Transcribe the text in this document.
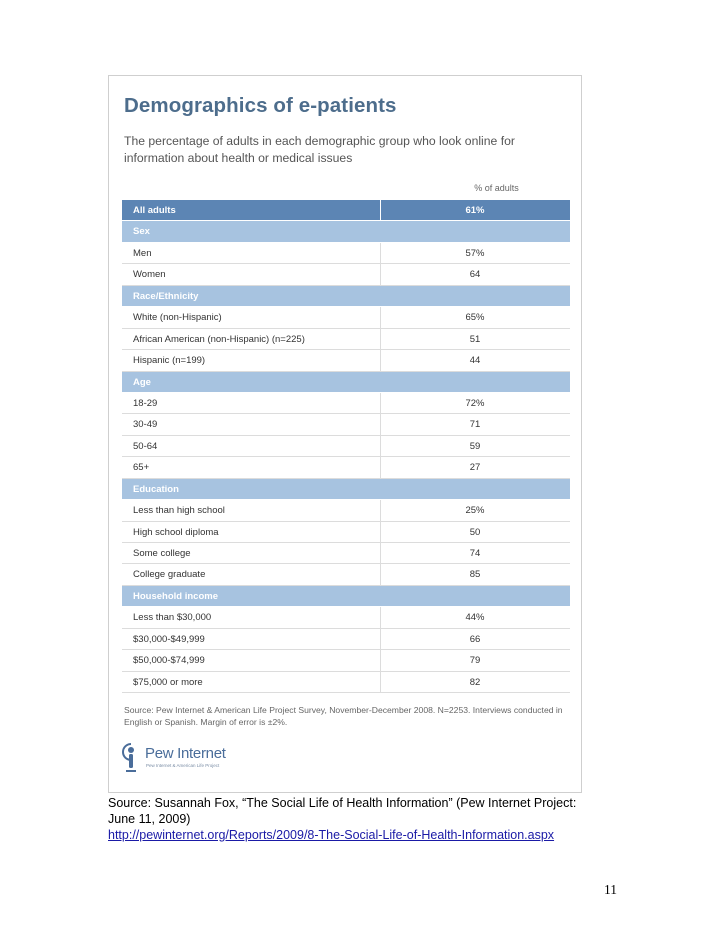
Demographics of e-patients
The percentage of adults in each demographic group who look online for information about health or medical issues
% of adults
All adults	61%
Sex
Men	57%
Women	64
Race/Ethnicity
White (non-Hispanic)	65%
African American (non-Hispanic) (n=225)	51
Hispanic (n=199)	44
Age
18-29	72%
30-49	71
50-64	59
65+	27
Education
Less than high school	25%
High school diploma	50
Some college	74
College graduate	85
Household income
Less than $30,000	44%
$30,000-$49,999	66
$50,000-$74,999	79
$75,000 or more	82
Source: Pew Internet & American Life Project Survey, November-December 2008. N=2253. Interviews conducted in English or Spanish. Margin of error is ±2%.
Pew Internet
Pew Internet & American Life Project
Source: Susannah Fox, “The Social Life of Health Information” (Pew Internet Project:
June 11, 2009)
http://pewinternet.org/Reports/2009/8-The-Social-Life-of-Health-Information.aspx
11
